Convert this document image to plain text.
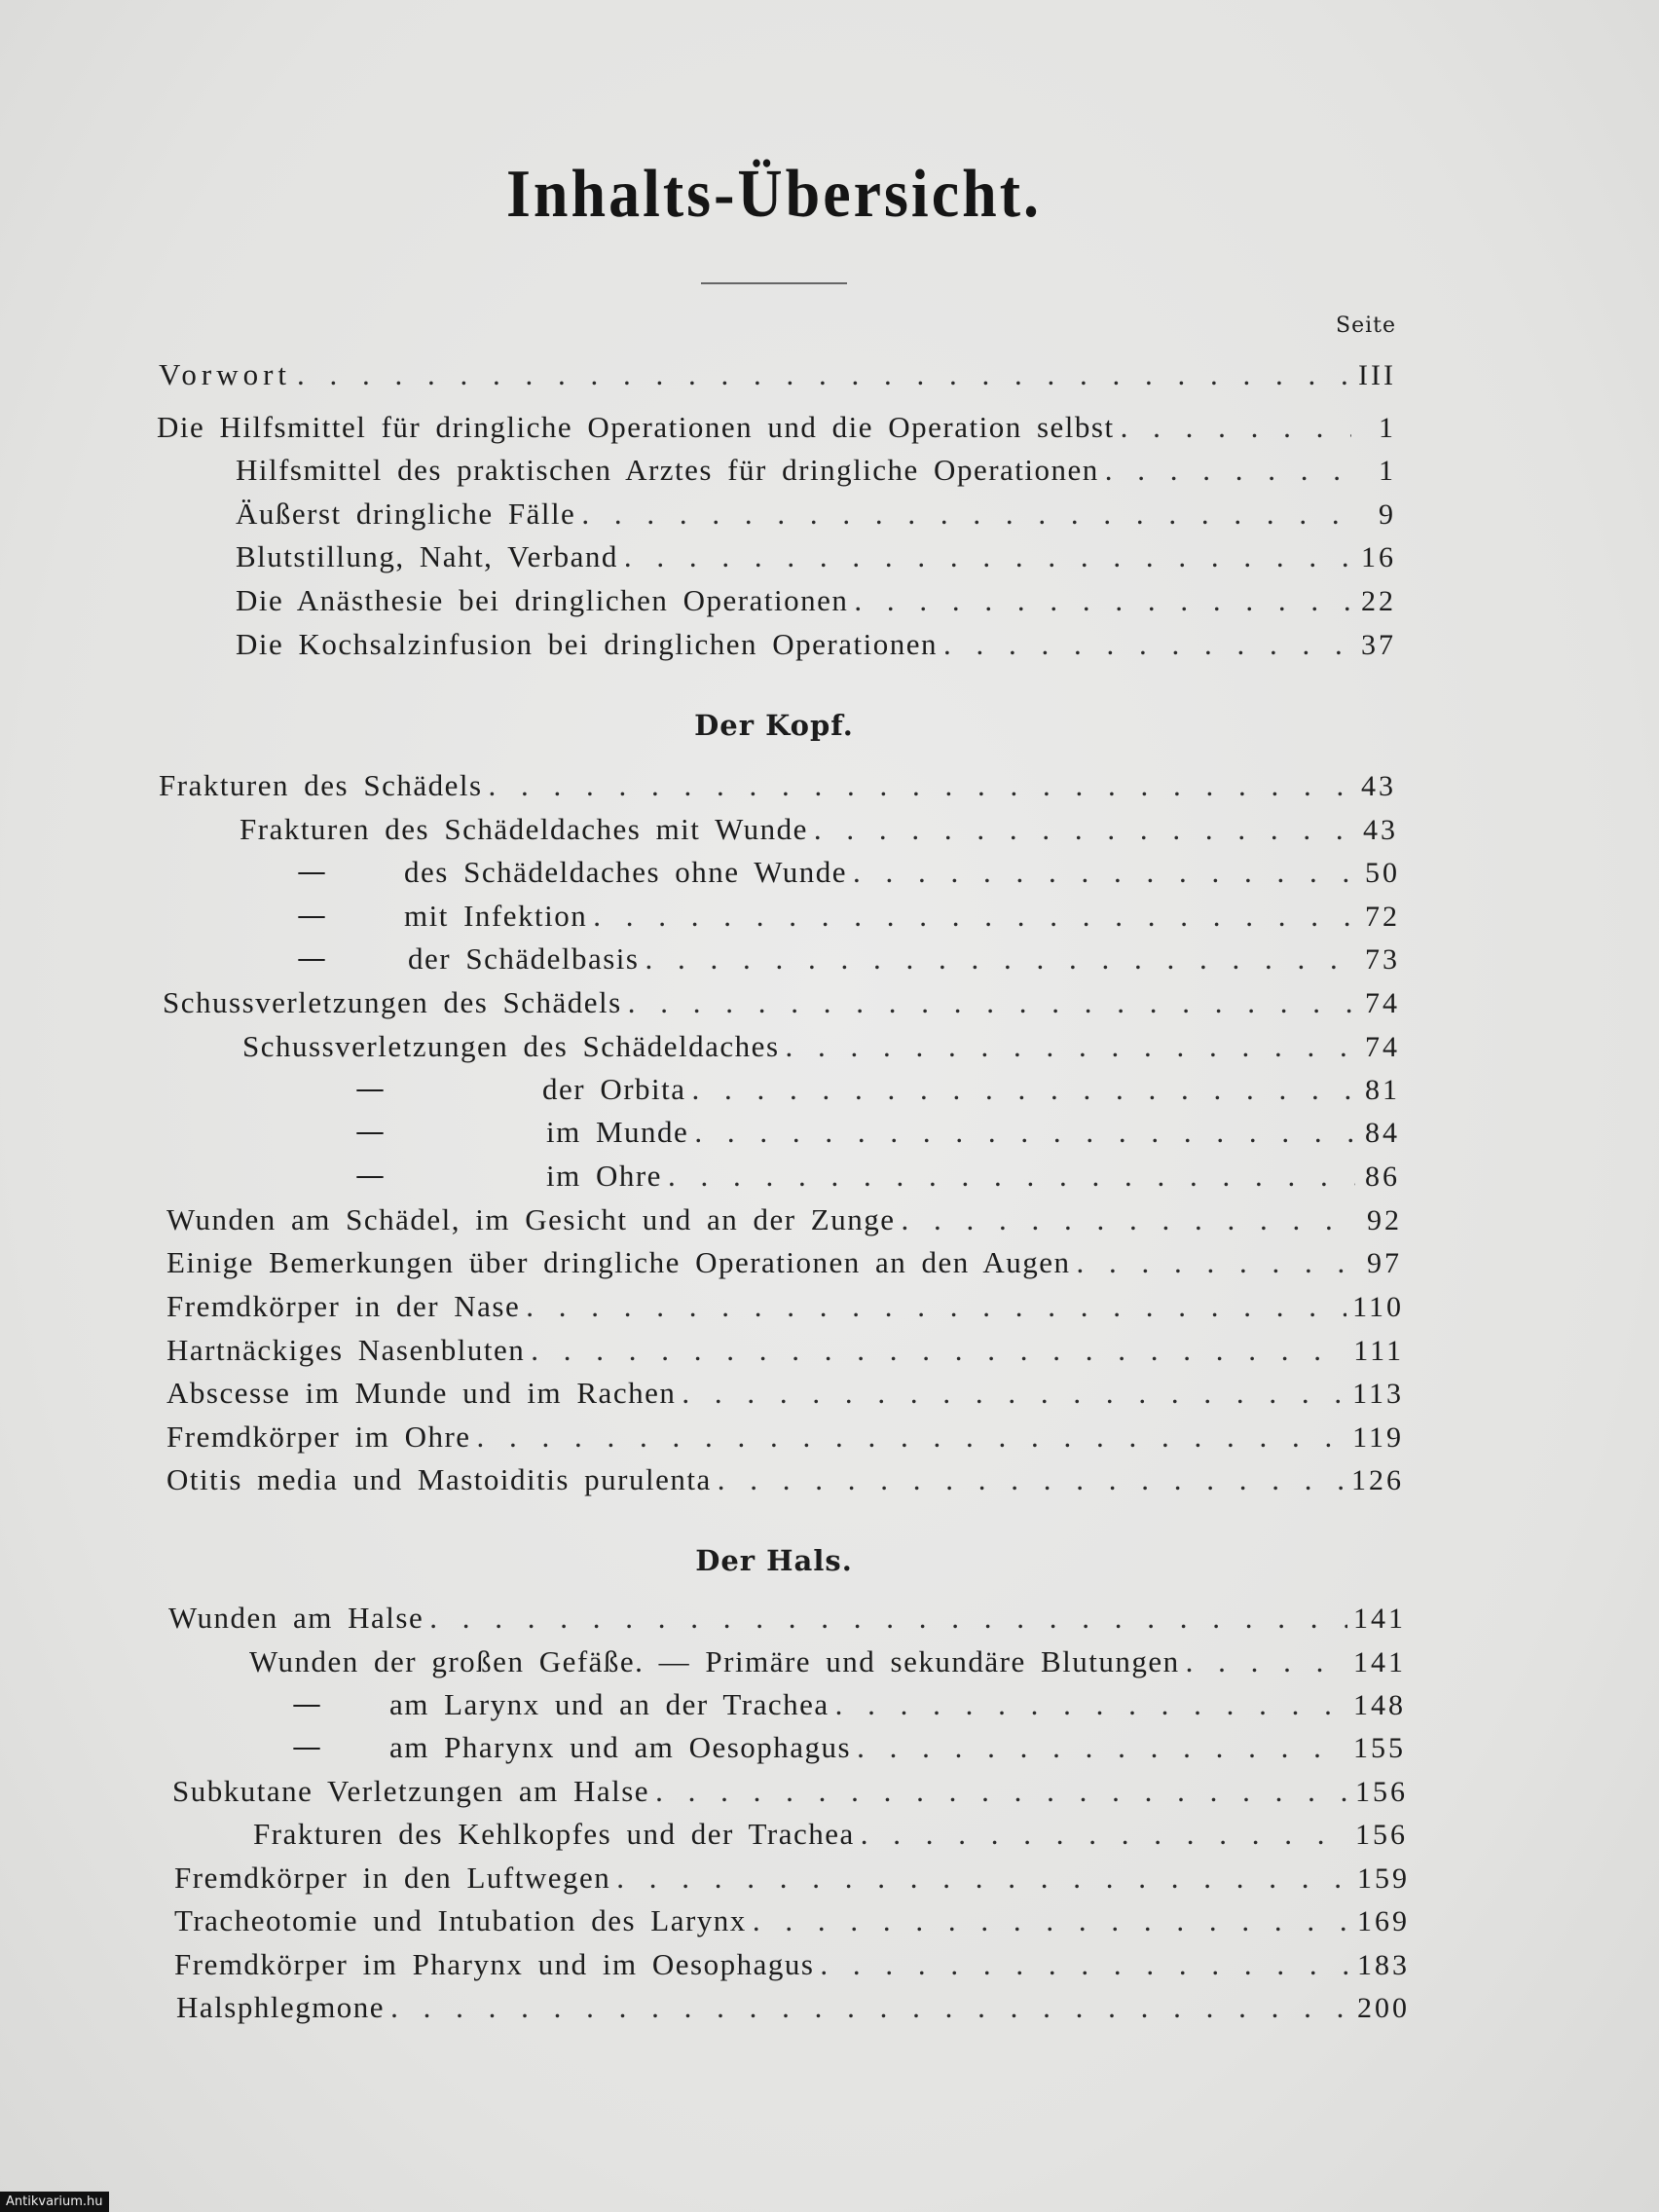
Inhalts-Übersicht.
Seite
Vorwort . . .	III
Die Hilfsmittel für dringliche Operationen und die Operation selbst . . .	1
Hilfsmittel des praktischen Arztes für dringliche Operationen . . .	1
Äußerst dringliche Fälle . . .	9
Blutstillung, Naht, Verband . . .	16
Die Anästhesie bei dringlichen Operationen . . .	22
Die Kochsalzinfusion bei dringlichen Operationen . . .	37
Der Kopf.
Frakturen des Schädels . . .	43
Frakturen des Schädeldaches mit Wunde . . .	43
—	des Schädeldaches ohne Wunde . . .	50
—	mit Infektion . . .	72
—	der Schädelbasis . . .	73
Schussverletzungen des Schädels . . .	74
Schussverletzungen des Schädeldaches . . .	74
—	der Orbita . . .	81
—	im Munde . . .	84
—	im Ohre . . .	86
Wunden am Schädel, im Gesicht und an der Zunge . . .	92
Einige Bemerkungen über dringliche Operationen an den Augen . . .	97
Fremdkörper in der Nase . . .	110
Hartnäckiges Nasenbluten . . .	111
Abscesse im Munde und im Rachen . . .	113
Fremdkörper im Ohre . . .	119
Otitis media und Mastoiditis purulenta . . .	126
Der Hals.
Wunden am Halse . . .	141
Wunden der großen Gefäße. — Primäre und sekundäre Blutungen . . .	141
— am Larynx und an der Trachea . . .	148
— am Pharynx und am Oesophagus . . .	155
Subkutane Verletzungen am Halse . . .	156
Frakturen des Kehlkopfes und der Trachea . . .	156
Fremdkörper in den Luftwegen . . .	159
Tracheotomie und Intubation des Larynx . . .	169
Fremdkörper im Pharynx und im Oesophagus . . .	183
Halsphlegmone . . .	200
Antikvarium.hu
